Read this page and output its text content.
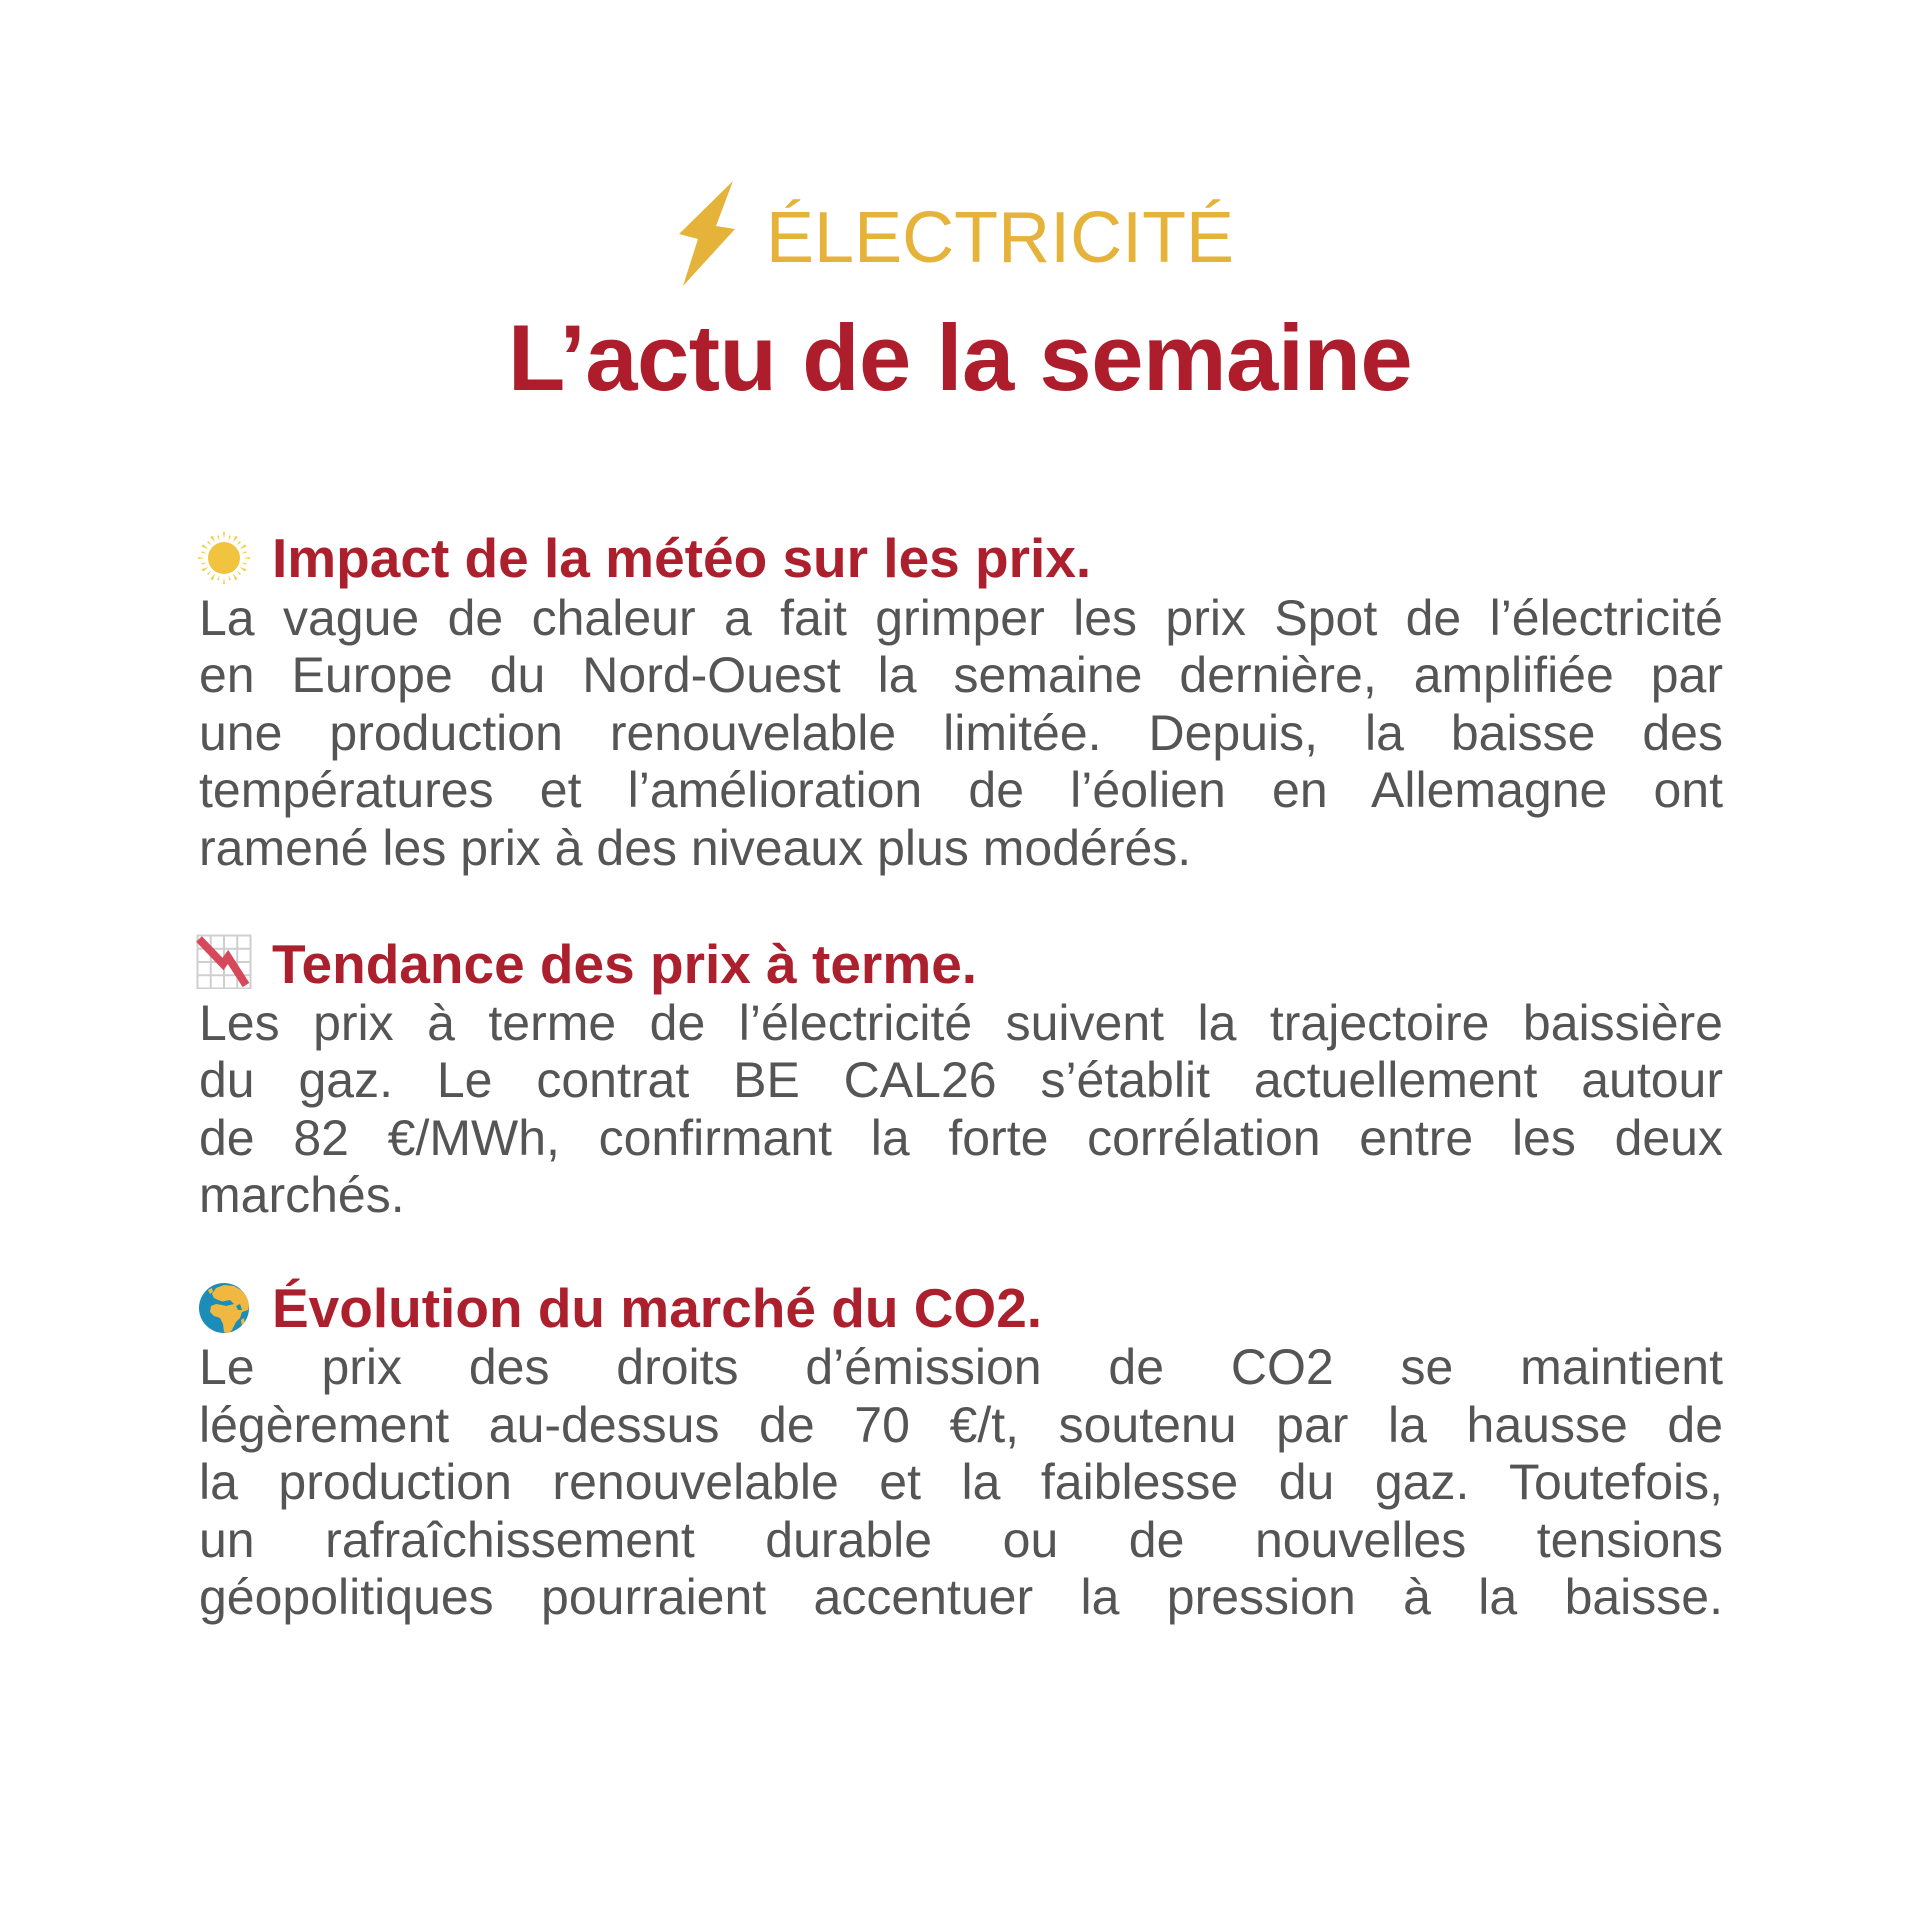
ÉLECTRICITÉ
L’actu de la semaine
Impact de la météo sur les prix.
La vague de chaleur a fait grimper les prix Spot de l’électricité
en Europe du Nord-Ouest la semaine dernière, amplifiée par
une production renouvelable limitée. Depuis, la baisse des
températures et l’amélioration de l’éolien en Allemagne ont
ramené les prix à des niveaux plus modérés.
Tendance des prix à terme.
Les prix à terme de l’électricité suivent la trajectoire baissière
du gaz. Le contrat BE CAL26 s’établit actuellement autour
de 82 €/MWh, confirmant la forte corrélation entre les deux
marchés.
Évolution du marché du CO2.
Le prix des droits d’émission de CO2 se maintient
légèrement au-dessus de 70 €/t, soutenu par la hausse de
la production renouvelable et la faiblesse du gaz. Toutefois,
un rafraîchissement durable ou de nouvelles tensions
géopolitiques pourraient accentuer la pression à la baisse.
